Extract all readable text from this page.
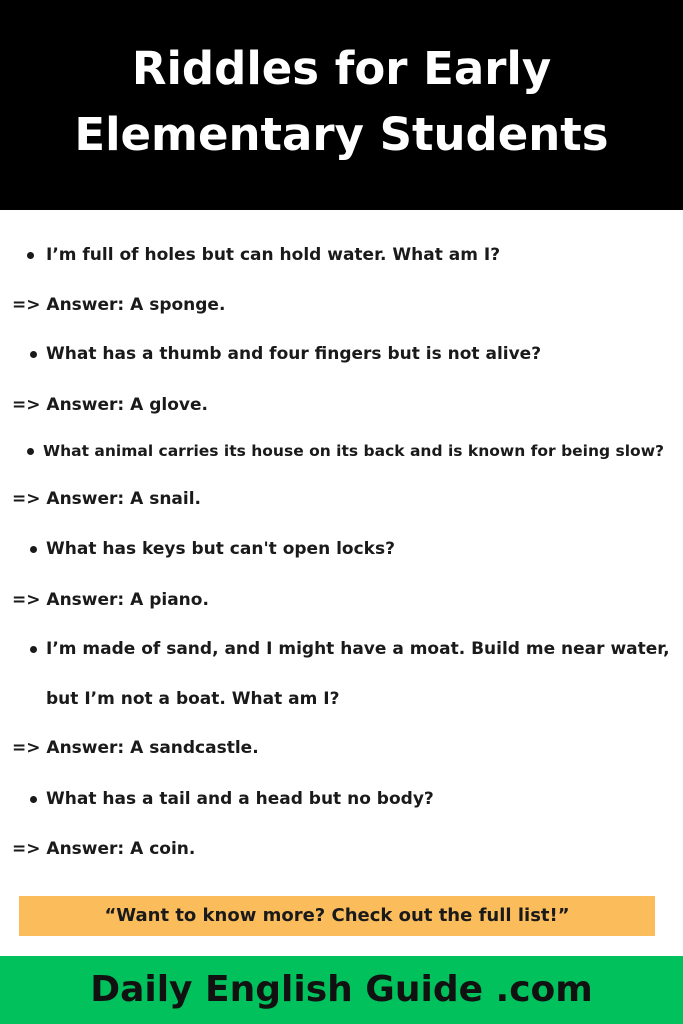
Riddles for Early
Elementary Students
I’m full of holes but can hold water. What am I?
=> Answer: A sponge.
What has a thumb and four fingers but is not alive?
=> Answer: A glove.
What animal carries its house on its back and is known for being slow?
=> Answer: A snail.
What has keys but can't open locks?
=> Answer: A piano.
I’m made of sand, and I might have a moat. Build me near water,
but I’m not a boat. What am I?
=> Answer: A sandcastle.
What has a tail and a head but no body?
=> Answer: A coin.
“Want to know more? Check out the full list!”
Daily English Guide .com
